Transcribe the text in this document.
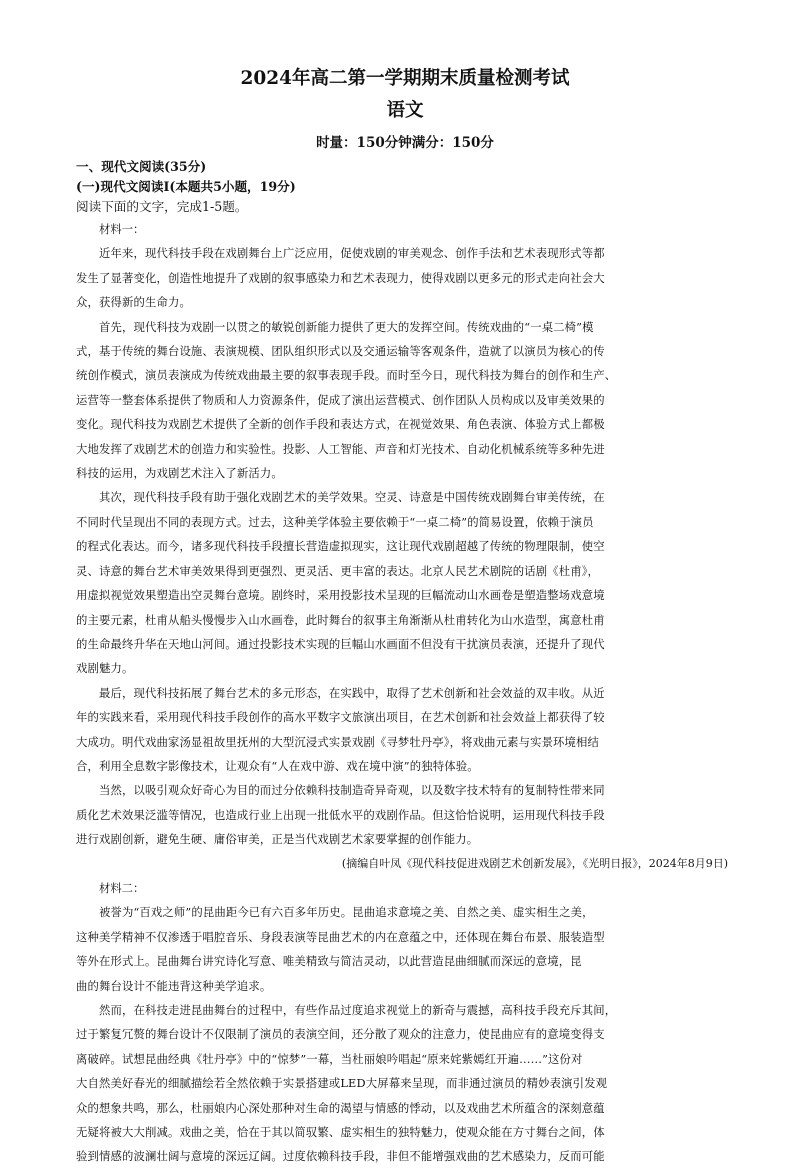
2024年高二第一学期期末质量检测考试
语文
时量：150分钟满分：150分
一、现代文阅读(35分)
(一)现代文阅读Ⅰ(本题共5小题，19分)
阅读下面的文字，完成1-5题。
材料一：
　　近年来，现代科技手段在戏剧舞台上广泛应用，促使戏剧的审美观念、创作手法和艺术表现形式等都
发生了显著变化，创造性地提升了戏剧的叙事感染力和艺术表现力，使得戏剧以更多元的形式走向社会大
众，获得新的生命力。
　　首先，现代科技为戏剧一以贯之的敏锐创新能力提供了更大的发挥空间。传统戏曲的“一桌二椅”模
式，基于传统的舞台设施、表演规模、团队组织形式以及交通运输等客观条件，造就了以演员为核心的传
统创作模式，演员表演成为传统戏曲最主要的叙事表现手段。而时至今日，现代科技为舞台的创作和生产、
运营等一整套体系提供了物质和人力资源条件，促成了演出运营模式、创作团队人员构成以及审美效果的
变化。现代科技为戏剧艺术提供了全新的创作手段和表达方式，在视觉效果、角色表演、体验方式上都极
大地发挥了戏剧艺术的创造力和实验性。投影、人工智能、声音和灯光技术、自动化机械系统等多种先进
科技的运用，为戏剧艺术注入了新活力。
　　其次，现代科技手段有助于强化戏剧艺术的美学效果。空灵、诗意是中国传统戏剧舞台审美传统，在
不同时代呈现出不同的表现方式。过去，这种美学体验主要依赖于“一桌二椅”的简易设置，依赖于演员
的程式化表达。而今，诸多现代科技手段擅长营造虚拟现实，这让现代戏剧超越了传统的物理限制，使空
灵、诗意的舞台艺术审美效果得到更强烈、更灵活、更丰富的表达。北京人民艺术剧院的话剧《杜甫》，
用虚拟视觉效果塑造出空灵舞台意境。剧终时，采用投影技术呈现的巨幅流动山水画卷是塑造整场戏意境
的主要元素，杜甫从船头慢慢步入山水画卷，此时舞台的叙事主角渐渐从杜甫转化为山水造型，寓意杜甫
的生命最终升华在天地山河间。通过投影技术实现的巨幅山水画面不但没有干扰演员表演，还提升了现代
戏剧魅力。
　　最后，现代科技拓展了舞台艺术的多元形态，在实践中，取得了艺术创新和社会效益的双丰收。从近
年的实践来看，采用现代科技手段创作的高水平数字文旅演出项目，在艺术创新和社会效益上都获得了较
大成功。明代戏曲家汤显祖故里抚州的大型沉浸式实景戏剧《寻梦牡丹亭》，将戏曲元素与实景环境相结
合，利用全息数字影像技术，让观众有“人在戏中游、戏在境中演”的独特体验。
　　当然，以吸引观众好奇心为目的而过分依赖科技制造奇异奇观，以及数字技术特有的复制特性带来同
质化艺术效果泛滥等情况，也造成行业上出现一批低水平的戏剧作品。但这恰恰说明，运用现代科技手段
进行戏剧创新，避免生硬、庸俗审美，正是当代戏剧艺术家要掌握的创作能力。
(摘编自叶凤《现代科技促进戏剧艺术创新发展》，《光明日报》，2024年8月9日)
材料二：
　　被誉为“百戏之师”的昆曲距今已有六百多年历史。昆曲追求意境之美、自然之美、虚实相生之美，
这种美学精神不仅渗透于唱腔音乐、身段表演等昆曲艺术的内在意蕴之中，还体现在舞台布景、服装造型
等外在形式上。昆曲舞台讲究诗化写意、唯美精致与简洁灵动，以此营造昆曲细腻而深远的意境，昆
曲的舞台设计不能违背这种美学追求。
　　然而，在科技走进昆曲舞台的过程中，有些作品过度追求视觉上的新奇与震撼，高科技手段充斥其间，
过于繁复冗赘的舞台设计不仅限制了演员的表演空间，还分散了观众的注意力，使昆曲应有的意境变得支
离破碎。试想昆曲经典《牡丹亭》中的“惊梦”一幕，当杜丽娘吟唱起“原来姹紫嫣红开遍……”这份对
大自然美好春光的细腻描绘若全然依赖于实景搭建或LED大屏幕来呈现，而非通过演员的精妙表演引发观
众的想象共鸣，那么，杜丽娘内心深处那种对生命的渴望与情感的悸动，以及戏曲艺术所蕴含的深刻意蕴
无疑将被大大削减。戏曲之美，恰在于其以简驭繁、虚实相生的独特魅力，使观众能在方寸舞台之间，体
验到情感的波澜壮阔与意境的深远辽阔。过度依赖科技手段，非但不能增强戏曲的艺术感染力，反而可能
